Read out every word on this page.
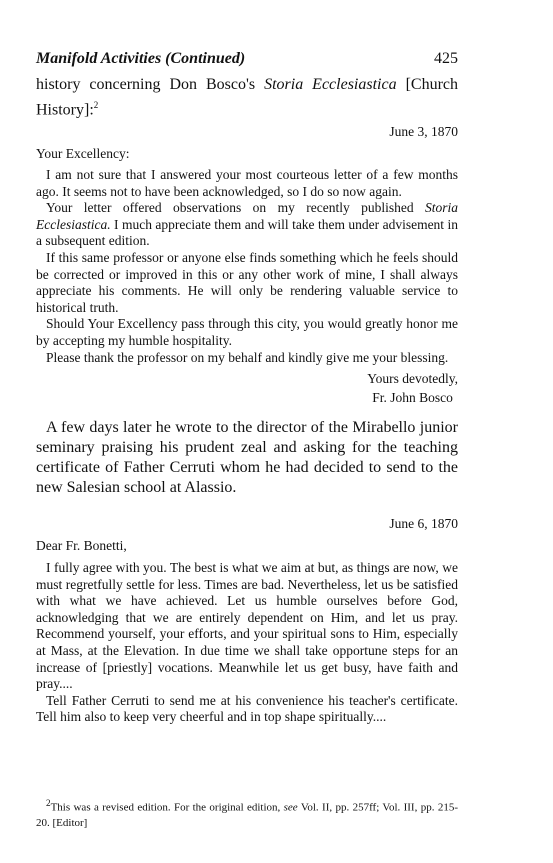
Manifold Activities (Continued)	425
history concerning Don Bosco's Storia Ecclesiastica [Church History]:$^2$
June 3, 1870
Your Excellency:

I am not sure that I answered your most courteous letter of a few months ago. It seems not to have been acknowledged, so I do so now again.

Your letter offered observations on my recently published Storia Ecclesiastica. I much appreciate them and will take them under advisement in a subsequent edition.

If this same professor or anyone else finds something which he feels should be corrected or improved in this or any other work of mine, I shall always appreciate his comments. He will only be rendering valuable service to historical truth.

Should Your Excellency pass through this city, you would greatly honor me by accepting my humble hospitality.

Please thank the professor on my behalf and kindly give me your blessing.

Yours devotedly,
Fr. John Bosco

A few days later he wrote to the director of the Mirabello junior seminary praising his prudent zeal and asking for the teaching certificate of Father Cerruti whom he had decided to send to the new Salesian school at Alassio.

June 6, 1870
Dear Fr. Bonetti,

I fully agree with you. The best is what we aim at but, as things are now, we must regretfully settle for less. Times are bad. Nevertheless, let us be satisfied with what we have achieved. Let us humble ourselves before God, acknowledging that we are entirely dependent on Him, and let us pray. Recommend yourself, your efforts, and your spiritual sons to Him, especially at Mass, at the Elevation. In due time we shall take opportune steps for an increase of [priestly] vocations. Meanwhile let us get busy, have faith and pray....

Tell Father Cerruti to send me at his convenience his teacher's certificate. Tell him also to keep very cheerful and in top shape spiritually....

$^2$This was a revised edition. For the original edition, see Vol. II, pp. 257ff; Vol. III, pp. 215-20. [Editor]
